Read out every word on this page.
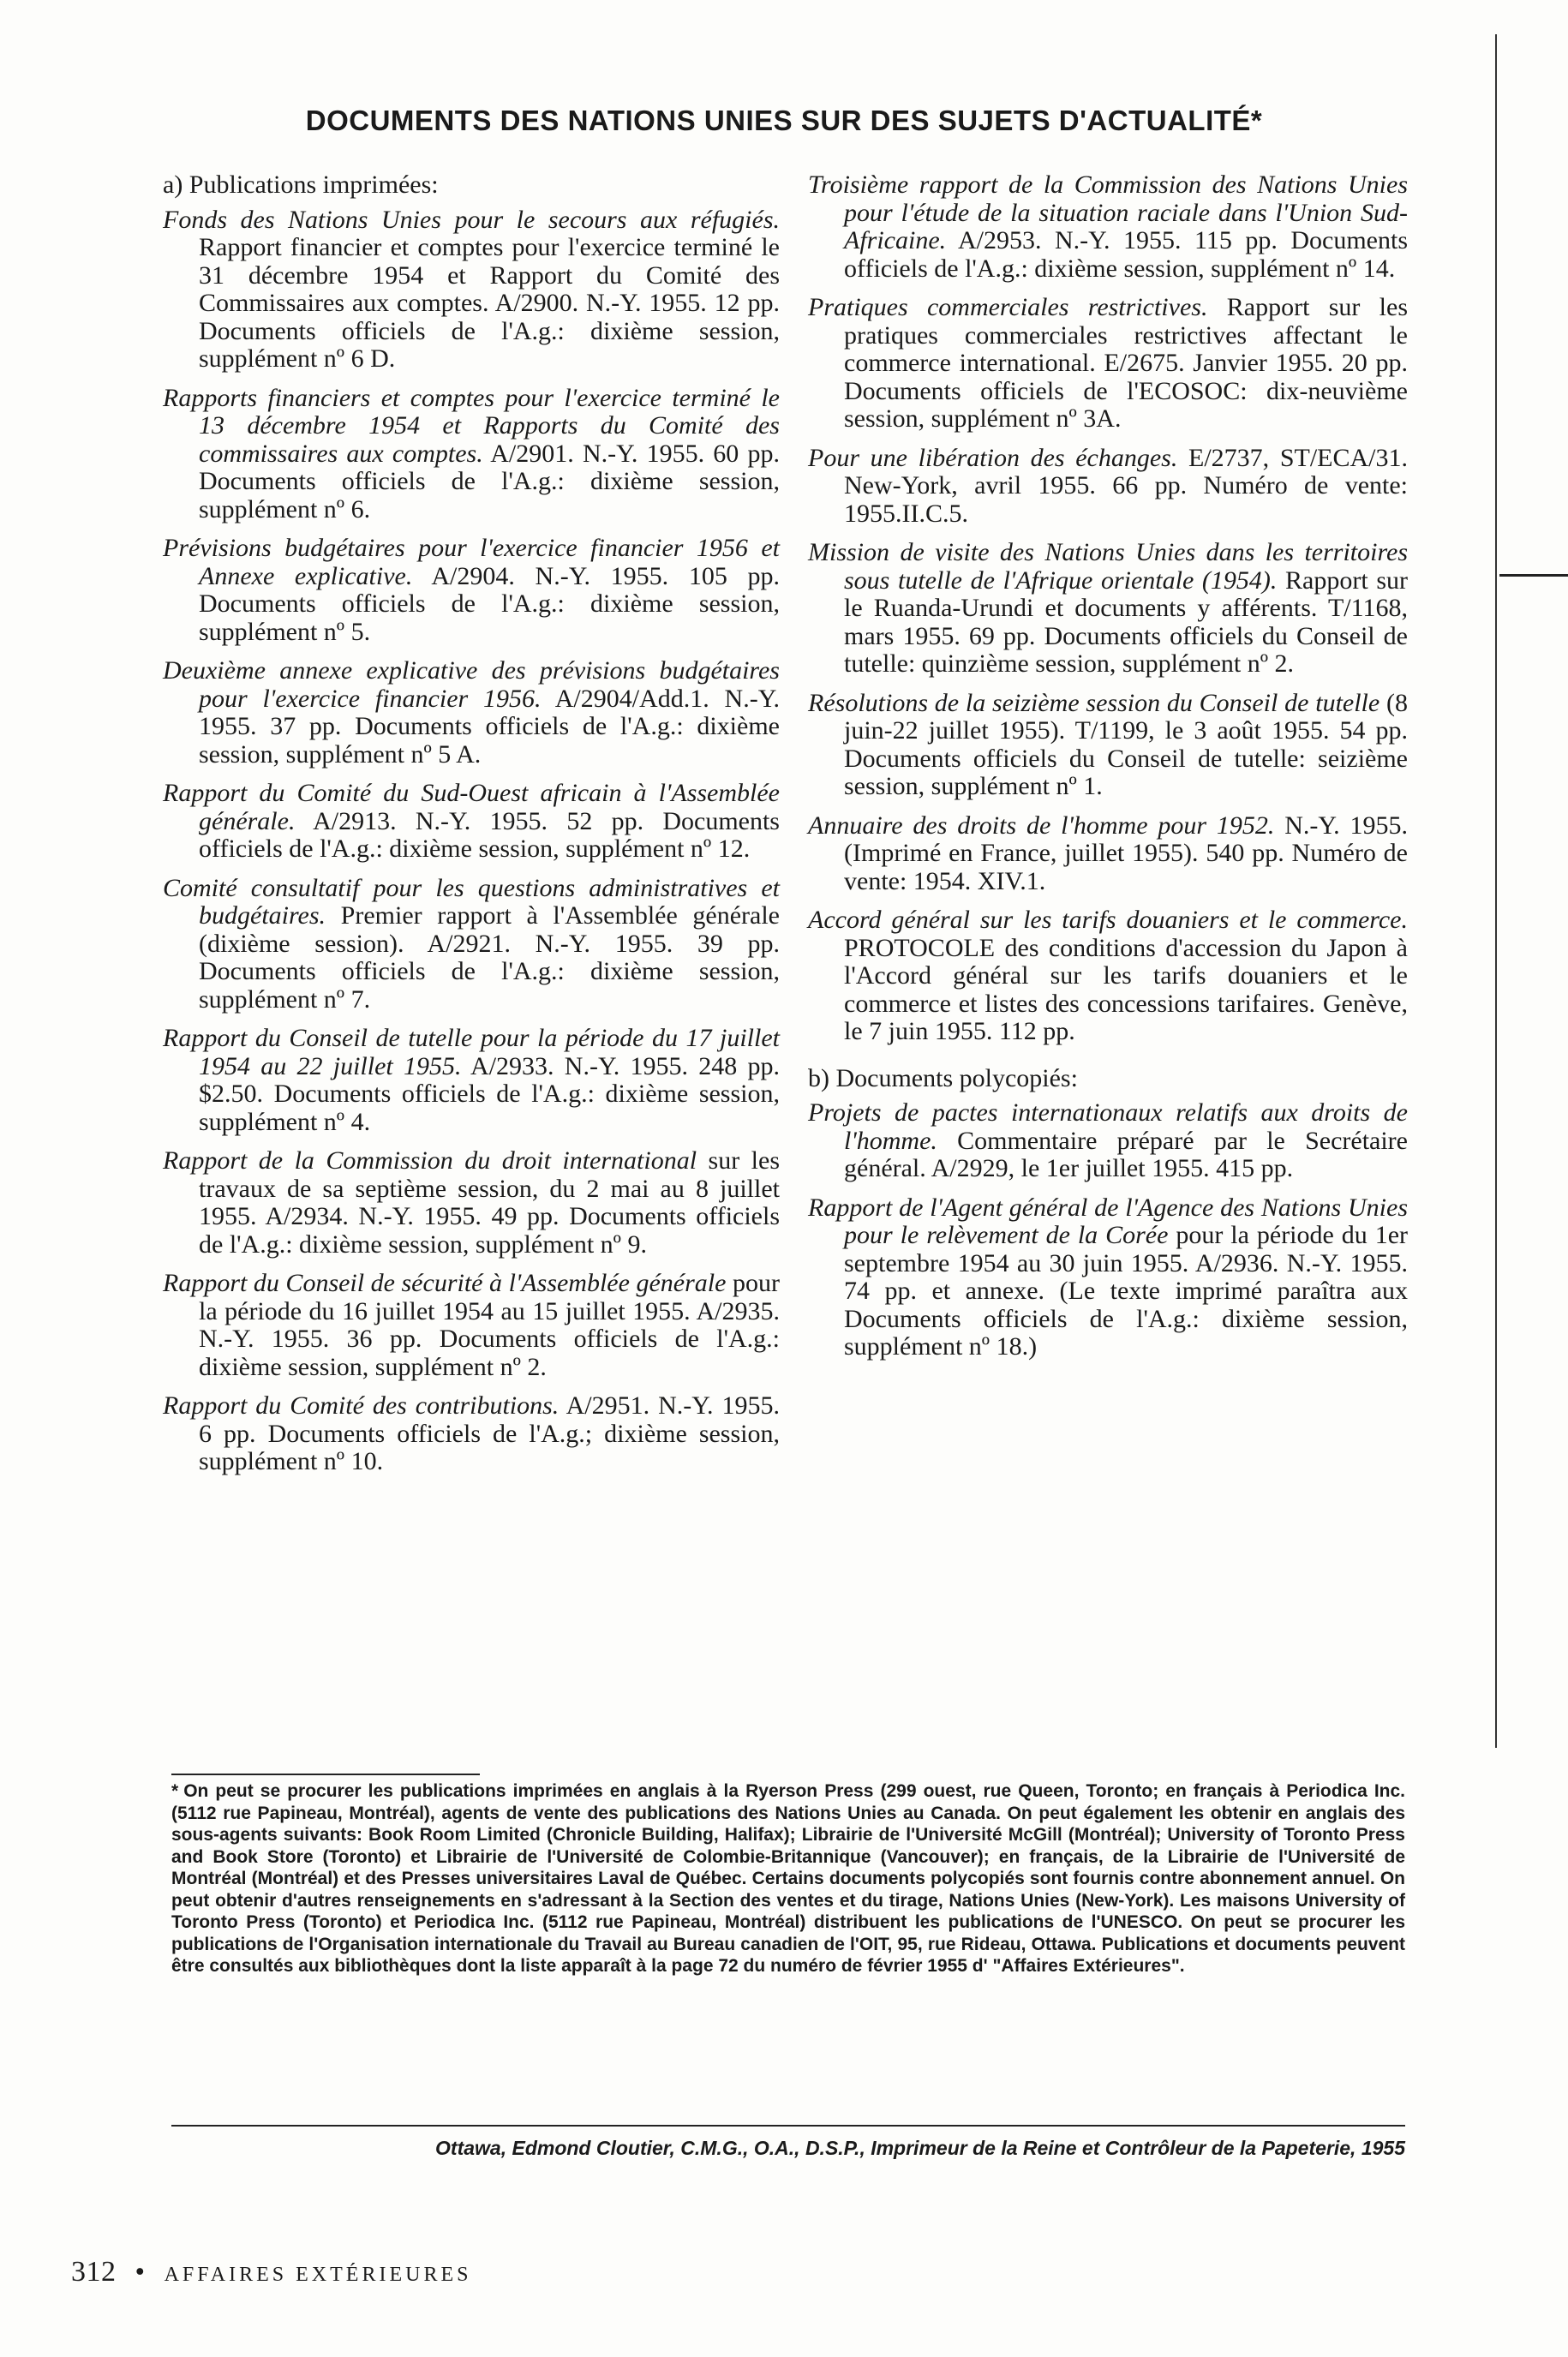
DOCUMENTS DES NATIONS UNIES SUR DES SUJETS D'ACTUALITÉ*
a) Publications imprimées:
Fonds des Nations Unies pour le secours aux réfugiés. Rapport financier et comptes pour l'exercice terminé le 31 décembre 1954 et Rapport du Comité des Commissaires aux comptes. A/2900. N.-Y. 1955. 12 pp. Documents officiels de l'A.g.: dixième session, supplément nº 6 D.
Rapports financiers et comptes pour l'exercice terminé le 13 décembre 1954 et Rapports du Comité des commissaires aux comptes. A/2901. N.-Y. 1955. 60 pp. Documents officiels de l'A.g.: dixième session, supplément nº 6.
Prévisions budgétaires pour l'exercice financier 1956 et Annexe explicative. A/2904. N.-Y. 1955. 105 pp. Documents officiels de l'A.g.: dixième session, supplément nº 5.
Deuxième annexe explicative des prévisions budgétaires pour l'exercice financier 1956. A/2904/Add.1. N.-Y. 1955. 37 pp. Documents officiels de l'A.g.: dixième session, supplément nº 5 A.
Rapport du Comité du Sud-Ouest africain à l'Assemblée générale. A/2913. N.-Y. 1955. 52 pp. Documents officiels de l'A.g.: dixième session, supplément nº 12.
Comité consultatif pour les questions administratives et budgétaires. Premier rapport à l'Assemblée générale (dixième session). A/2921. N.-Y. 1955. 39 pp. Documents officiels de l'A.g.: dixième session, supplément nº 7.
Rapport du Conseil de tutelle pour la période du 17 juillet 1954 au 22 juillet 1955. A/2933. N.-Y. 1955. 248 pp. $2.50. Documents officiels de l'A.g.: dixième session, supplément nº 4.
Rapport de la Commission du droit international sur les travaux de sa septième session, du 2 mai au 8 juillet 1955. A/2934. N.-Y. 1955. 49 pp. Documents officiels de l'A.g.: dixième session, supplément nº 9.
Rapport du Conseil de sécurité à l'Assemblée générale pour la période du 16 juillet 1954 au 15 juillet 1955. A/2935. N.-Y. 1955. 36 pp. Documents officiels de l'A.g.: dixième session, supplément nº 2.
Rapport du Comité des contributions. A/2951. N.-Y. 1955. 6 pp. Documents officiels de l'A.g.; dixième session, supplément nº 10.
Troisième rapport de la Commission des Nations Unies pour l'étude de la situation raciale dans l'Union Sud-Africaine. A/2953. N.-Y. 1955. 115 pp. Documents officiels de l'A.g.: dixième session, supplément nº 14.
Pratiques commerciales restrictives. Rapport sur les pratiques commerciales restrictives affectant le commerce international. E/2675. Janvier 1955. 20 pp. Documents officiels de l'ECOSOC: dix-neuvième session, supplément nº 3A.
Pour une libération des échanges. E/2737, ST/ECA/31. New-York, avril 1955. 66 pp. Numéro de vente: 1955.II.C.5.
Mission de visite des Nations Unies dans les territoires sous tutelle de l'Afrique orientale (1954). Rapport sur le Ruanda-Urundi et documents y afférents. T/1168, mars 1955. 69 pp. Documents officiels du Conseil de tutelle: quinzième session, supplément nº 2.
Résolutions de la seizième session du Conseil de tutelle (8 juin-22 juillet 1955). T/1199, le 3 août 1955. 54 pp. Documents officiels du Conseil de tutelle: seizième session, supplément nº 1.
Annuaire des droits de l'homme pour 1952. N.-Y. 1955. (Imprimé en France, juillet 1955). 540 pp. Numéro de vente: 1954. XIV.1.
Accord général sur les tarifs douaniers et le commerce. PROTOCOLE des conditions d'accession du Japon à l'Accord général sur les tarifs douaniers et le commerce et listes des concessions tarifaires. Genève, le 7 juin 1955. 112 pp.
b) Documents polycopiés:
Projets de pactes internationaux relatifs aux droits de l'homme. Commentaire préparé par le Secrétaire général. A/2929, le 1er juillet 1955. 415 pp.
Rapport de l'Agent général de l'Agence des Nations Unies pour le relèvement de la Corée pour la période du 1er septembre 1954 au 30 juin 1955. A/2936. N.-Y. 1955. 74 pp. et annexe. (Le texte imprimé paraîtra aux Documents officiels de l'A.g.: dixième session, supplément nº 18.)
* On peut se procurer les publications imprimées en anglais à la Ryerson Press (299 ouest, rue Queen, Toronto; en français à Periodica Inc. (5112 rue Papineau, Montréal), agents de vente des publications des Nations Unies au Canada. On peut également les obtenir en anglais des sous-agents suivants: Book Room Limited (Chronicle Building, Halifax); Librairie de l'Université McGill (Montréal); University of Toronto Press and Book Store (Toronto) et Librairie de l'Université de Colombie-Britannique (Vancouver); en français, de la Librairie de l'Université de Montréal (Montréal) et des Presses universitaires Laval de Québec. Certains documents polycopiés sont fournis contre abonnement annuel. On peut obtenir d'autres renseignements en s'adressant à la Section des ventes et du tirage, Nations Unies (New-York). Les maisons University of Toronto Press (Toronto) et Periodica Inc. (5112 rue Papineau, Montréal) distribuent les publications de l'UNESCO. On peut se procurer les publications de l'Organisation internationale du Travail au Bureau canadien de l'OIT, 95, rue Rideau, Ottawa. Publications et documents peuvent être consultés aux bibliothèques dont la liste apparaît à la page 72 du numéro de février 1955 d' "Affaires Extérieures".
Ottawa, Edmond Cloutier, C.M.G., O.A., D.S.P., Imprimeur de la Reine et Contrôleur de la Papeterie, 1955
312 • AFFAIRES EXTÉRIEURES
